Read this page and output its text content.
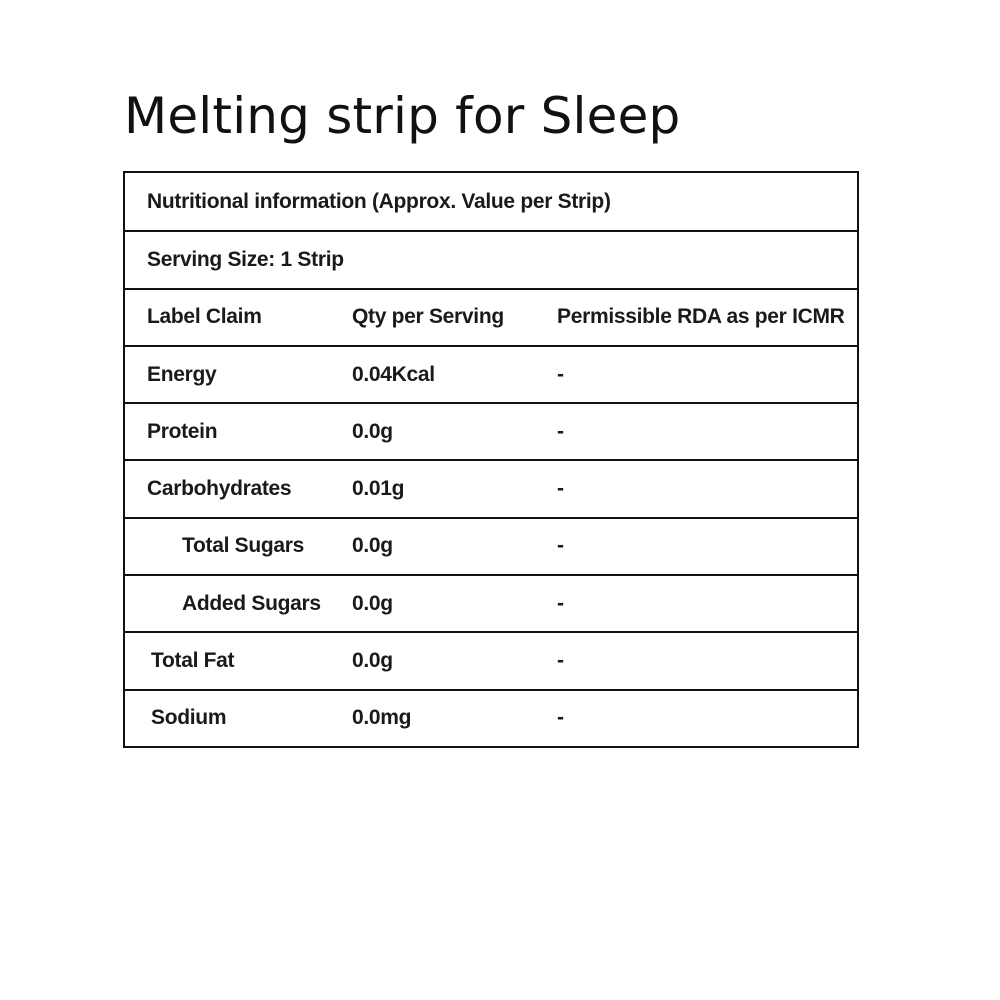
Melting strip for Sleep
Nutritional information (Approx. Value per Strip)
Serving Size: 1 Strip
Label Claim	Qty per Serving	Permissible RDA as per ICMR
Energy	0.04Kcal	-
Protein	0.0g	-
Carbohydrates	0.01g	-
Total Sugars 0.0g	-
Added Sugars 0.0g	-
Total Fat	0.0g	-
Sodium	0.0mg	-
